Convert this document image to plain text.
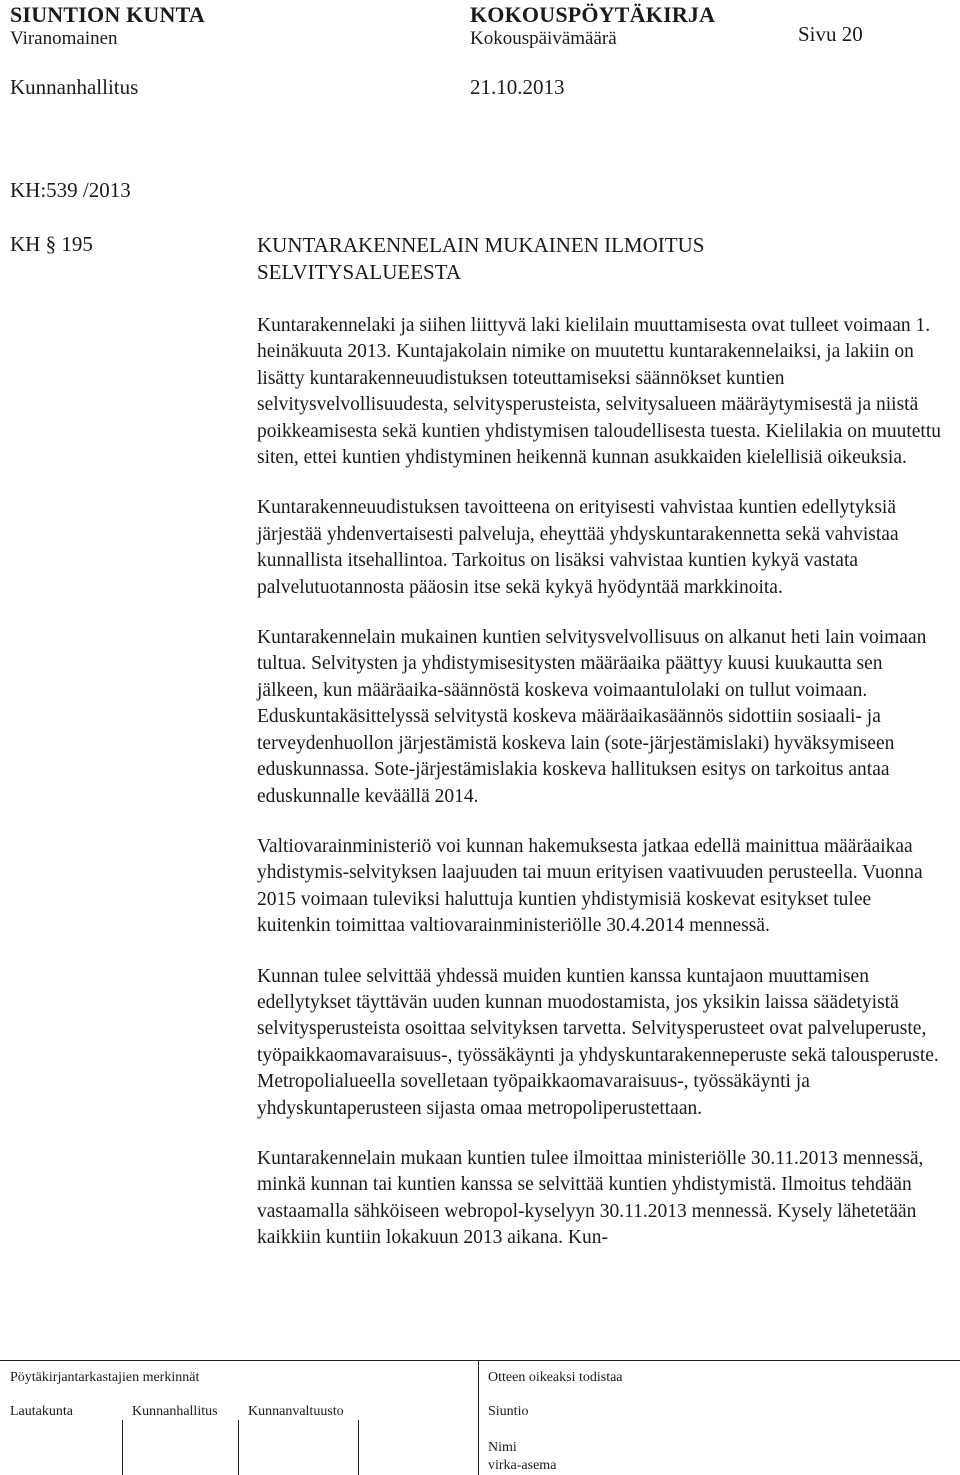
SIUNTION KUNTA
Viranomainen
KOKOUSPÖYTÄKIRJA
Kokouspäivämäärä	Sivu 20
Kunnanhallitus	21.10.2013
KH:539 /2013
KH § 195	KUNTARAKENNELAIN MUKAINEN ILMOITUS
SELVITYSALUEESTA

Kuntarakennelaki ja siihen liittyvä laki kielilain muuttamisesta ovat tulleet voimaan 1. heinäkuuta 2013. Kuntajakolain nimike on muutettu kuntarakennelaiksi, ja lakiin on lisätty kuntarakenneuudistuksen toteuttamiseksi säännökset kuntien selvitysvelvollisuudesta, selvitysperusteista, selvitysalueen määräytymisestä ja niistä poikkeamisesta sekä kuntien yhdistymisen taloudellisesta tuesta. Kielilakia on muutettu siten, ettei kuntien yhdistyminen heikennä kunnan asukkaiden kielellisiä oikeuksia.

Kuntarakenneuudistuksen tavoitteena on erityisesti vahvistaa kuntien edellytyksiä järjestää yhdenvertaisesti palveluja, eheyttää yhdyskuntarakennetta sekä vahvistaa kunnallista itsehallintoa. Tarkoitus on lisäksi vahvistaa kuntien kykyä vastata palvelutuotannosta pääosin itse sekä kykyä hyödyntää markkinoita.

Kuntarakennelain mukainen kuntien selvitysvelvollisuus on alkanut heti lain voimaan tultua. Selvitysten ja yhdistymisesitysten määräaika päättyy kuusi kuukautta sen jälkeen, kun määräaika-säännöstä koskeva voimaantulolaki on tullut voimaan. Eduskuntakäsittelyssä selvitystä koskeva määräaikasäännös sidottiin sosiaali- ja terveydenhuollon järjestämistä koskeva lain (sote-järjestämislaki) hyväksymiseen eduskunnassa. Sote-järjestämislakia koskeva hallituksen esitys on tarkoitus antaa eduskunnalle keväällä 2014.

Valtiovarainministeriö voi kunnan hakemuksesta jatkaa edellä mainittua määräaikaa yhdistymis-selvityksen laajuuden tai muun erityisen vaativuuden perusteella. Vuonna 2015 voimaan tuleviksi haluttuja kuntien yhdistymisiä koskevat esitykset tulee kuitenkin toimittaa valtiovarainministeriölle 30.4.2014 mennessä.

Kunnan tulee selvittää yhdessä muiden kuntien kanssa kuntajaon muuttamisen edellytykset täyttävän uuden kunnan muodostamista, jos yksikin laissa säädetyistä selvitysperusteista osoittaa selvityksen tarvetta. Selvitysperusteet ovat palveluperuste, työpaikkaomavaraisuus-, työssäkäynti ja yhdyskuntarakenneperuste sekä talousperuste. Metropolialueella sovelletaan työpaikkaomavaraisuus-, työssäkäynti ja yhdyskuntaperusteen sijasta omaa metropoliperustettaan.

Kuntarakennelain mukaan kuntien tulee ilmoittaa ministeriölle 30.11.2013 mennessä, minkä kunnan tai kuntien kanssa se selvittää kuntien yhdistymistä. Ilmoitus tehdään vastaamalla sähköiseen webropol-kyselyyn 30.11.2013 mennessä. Kysely lähetetään kaikkiin kuntiin lokakuun 2013 aikana. Kun-

Pöytäkirjantarkastajien merkinnät	Otteen oikeaksi todistaa
Lautakunta	Kunnanhallitus Kunnanvaltuusto	Siuntio
Nimi
virka-asema
